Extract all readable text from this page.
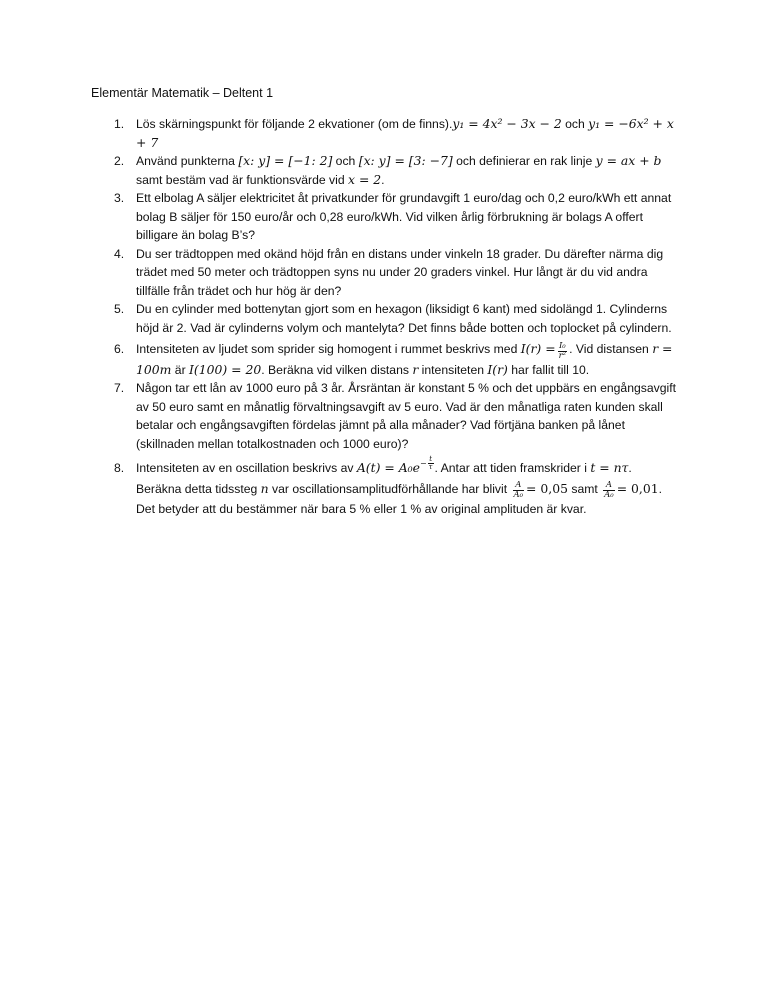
Elementär Matematik – Deltent 1
1. Lös skärningspunkt för följande 2 ekvationer (om de finns).y₁ = 4x² − 3x − 2 och y₁ = −6x² + x + 7
2. Använd punkterna [x: y] = [−1: 2] och [x: y] = [3: −7] och definierar en rak linje y = ax + b samt bestäm vad är funktionsvärde vid x = 2.
3. Ett elbolag A säljer elektricitet åt privatkunder för grundavgift 1 euro/dag och 0,2 euro/kWh ett annat bolag B säljer för 150 euro/år och 0,28 euro/kWh. Vid vilken årlig förbrukning är bolags A offert billigare än bolag B’s?
4. Du ser trädtoppen med okänd höjd från en distans under vinkeln 18 grader. Du därefter närma dig trädet med 50 meter och trädtoppen syns nu under 20 graders vinkel. Hur långt är du vid andra tillfälle från trädet och hur hög är den?
5. Du en cylinder med bottenytan gjort som en hexagon (liksidigt 6 kant) med sidolängd 1. Cylinderns höjd är 2. Vad är cylinderns volym och mantelyta? Det finns både botten och toplocket på cylindern.
6. Intensiteten av ljudet som sprider sig homogent i rummet beskrivs med $I(r) = \frac{\text{I₀}}{\text{r²}}$ . Vid distansen r = 100m är I(100) = 20. Beräkna vid vilken distans r intensiteten I(r) har fallit till 10.
7. Någon tar ett lån av 1000 euro på 3 år. Årsräntan är konstant 5 % och det uppbärs en engångsavgift av 50 euro samt en månatlig förvaltningsavgift av 5 euro. Vad är den månatliga raten kunden skall betalar och engångsavgiften fördelas jämnt på alla månader? Vad förtjäna banken på lånet (skillnaden mellan totalkostnaden och 1000 euro)?
8. Intensiteten av en oscillation beskrivs av $A(t) = A_0e- \frac{t}{\tau}$ . Antar att tiden framskrider i t = nτ. Beräkna detta tidssteg n var oscillationsamplitudförhållande har blivit $\frac{A}{\text{A₀}} = 0,05$ samt $\frac{A}{\text{A₀}} = 0,01$. Det betyder att du bestämmer när bara 5 % eller 1 % av original amplituden är kvar.
